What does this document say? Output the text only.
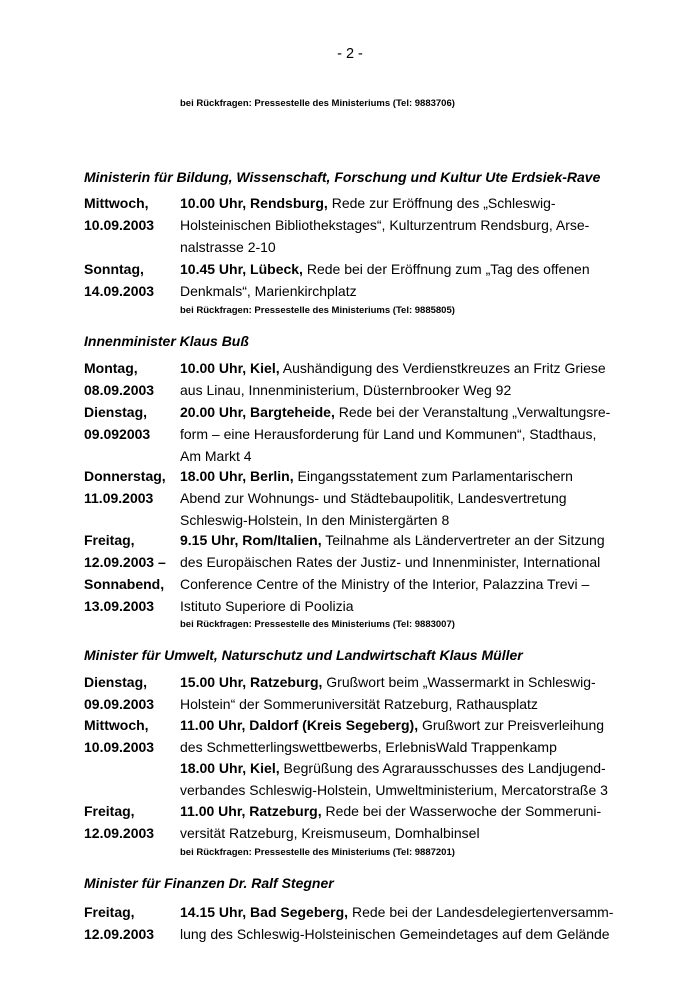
- 2 -
bei Rückfragen: Pressestelle des Ministeriums (Tel: 9883706)
Ministerin für Bildung, Wissenschaft, Forschung und Kultur Ute Erdsiek-Rave
Mittwoch,
10.09.2003
10.00 Uhr, Rendsburg, Rede zur Eröffnung des „Schleswig-
Holsteinischen Bibliothekstages“, Kulturzentrum Rendsburg, Arse-
nalstrasse 2-10
Sonntag,
14.09.2003
10.45 Uhr, Lübeck, Rede bei der Eröffnung zum „Tag des offenen
Denkmals“, Marienkirchplatz
bei Rückfragen: Pressestelle des Ministeriums (Tel: 9885805)
Innenminister Klaus Buß
Montag,
08.09.2003
10.00 Uhr, Kiel, Aushändigung des Verdienstkreuzes an Fritz Griese
aus Linau, Innenministerium, Düsternbrooker Weg 92
Dienstag,
09.092003
20.00 Uhr, Bargteheide, Rede bei der Veranstaltung „Verwaltungsre-
form – eine Herausforderung für Land und Kommunen“, Stadthaus,
Am Markt 4
Donnerstag,
11.09.2003
18.00 Uhr, Berlin, Eingangsstatement zum Parlamentarischern
Abend zur Wohnungs- und Städtebaupolitik, Landesvertretung
Schleswig-Holstein, In den Ministergärten 8
Freitag,
12.09.2003 –
Sonnabend,
13.09.2003
9.15 Uhr, Rom/Italien, Teilnahme als Ländervertreter an der Sitzung
des Europäischen Rates der Justiz- und Innenminister, International
Conference Centre of the Ministry of the Interior, Palazzina Trevi –
Istituto Superiore di Poolizia
bei Rückfragen: Pressestelle des Ministeriums (Tel: 9883007)
Minister für Umwelt, Naturschutz und Landwirtschaft Klaus Müller
Dienstag,
09.09.2003
15.00 Uhr, Ratzeburg, Grußwort beim „Wassermarkt in Schleswig-
Holstein“ der Sommeruniversität Ratzeburg, Rathausplatz
Mittwoch,
10.09.2003
11.00 Uhr, Daldorf (Kreis Segeberg), Grußwort zur Preisverleihung
des Schmetterlingswettbewerbs, ErlebnisWald Trappenkamp
18.00 Uhr, Kiel, Begrüßung des Agrarausschusses des Landjugend-
verbandes Schleswig-Holstein, Umweltministerium, Mercatorstraße 3
Freitag,
12.09.2003
11.00 Uhr, Ratzeburg, Rede bei der Wasserwoche der Sommeruni-
versität Ratzeburg, Kreismuseum, Domhalbinsel
bei Rückfragen: Pressestelle des Ministeriums (Tel: 9887201)
Minister für Finanzen Dr. Ralf Stegner
Freitag,
12.09.2003
14.15 Uhr, Bad Segeberg, Rede bei der Landesdelegiertenversamm-
lung des Schleswig-Holsteinischen Gemeindetages auf dem Gelände
